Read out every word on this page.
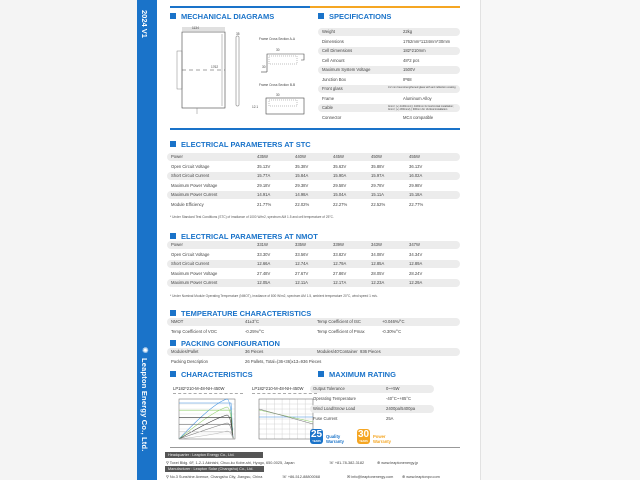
2024 V1
✺
Leapton Energy Co., Ltd.
MECHANICAL DIAGRAMS
1134
1762
35
Frame Cross Section A-A
30
30
Frame Cross Section B-B
30
12.1
SPECIFICATIONS
ELECTRICAL PARAMETERS AT STC
* Under Standard Test Conditions (STC) of irradiance of 1000 W/m2, spectrum AM 1.5 and cell temperature of 25°C.
ELECTRICAL PARAMETERS AT NMOT
* Under Nominal Module Operating Temperature (NMOT), irradiance of 800 W/m2, spectrum AM 1.5, ambient temperature 20°C, wind speed 1 m/s.
TEMPERATURE CHARACTERISTICS
PACKING CONFIGURATION
CHARACTERISTICS
LP182*210-M-48-NH-450W	LP182*210-M-48-NH-450W
MAXIMUM RATING
25
YEARS
Quality
Warranty
30
YEARS
Power
Warranty
Headquarter : Leapton Energy Co., Ltd.
⚲ Toxei Bldg. 6F, 1-2-1 Akinishi, Chuo-ku Kobe-shi, Hyogo, 650-0025, Japan	☏ +81-78-382-3182	⊕ www.leaptonenergy.jp
Manufacturer : Leapton Solar (Changshu) Co., Ltd.
⚲ No.3 Sunshine Avenue, Changshu City, Jiangsu, China	☏ +86-512-88800068	✉ info@leaptonenergy.com ⊕ www.leaptonpv.com
Weight	22kg
Dimensions	1762mm*1134mm*30mm
Cell Dimensions	182*210mm
Cell Amount	48*2 pcs
Maximum System Voltage	1500V
Junction Box	IP68
Front glass	3.2 mm heat strengthened glass with anti reflection coating
Frame	Aluminum Alloy
Cable	4mm²; (+) 1100mm/(-) 1100mm for Horizontal installation; 4mm²; (+) 300mm/(-) 300mm for Vertical installation
Connector	MC4 compatible
Power	435W	440W	445W	450W	455W
Open Circuit Voltage	35.13V	35.38V	35.63V	35.88V	36.13V
Short Circuit Current	15.77A	15.84A	15.90A	15.97A	16.02A
Maximum Power Voltage	29.18V	29.38V	29.58V	29.78V	29.98V
Maximum Power Current	14.91A	14.98A	15.04A	15.11A	15.18A
Module Efficiency	21.77%	22.02%	22.27%	22.52%	22.77%
Power	331W	335W	339W	343W	347W
Open Circuit Voltage	33.30V	33.56V	33.82V	34.08V	34.34V
Short Circuit Current	12.66A	12.74A	12.79A	12.85A	12.89A
Maximum Power Voltage	27.48V	27.67V	27.86V	28.05V	28.24V
Maximum Power Current	12.05A	12.11A	12.17A	12.23A	12.29A
NMOT	41±3°C	Temp Coefficient of ISC	+0.046%/°C
Temp Coefficient of VOC	-0.25%/°C	Temp Coefficient of Pmax	-0.30%/°C
Modules/Pallet	36 Pieces	Modules/40'Container 936 Pieces
Packing Description	26 Pallets, Total=(36+36)x13=936 Pieces
Output Tolerance	0~+5W
Operating Temperature	-40°C~+85°C
Wind Load/Snow Load	2400pa/5400pa
Fuse Current	25A
